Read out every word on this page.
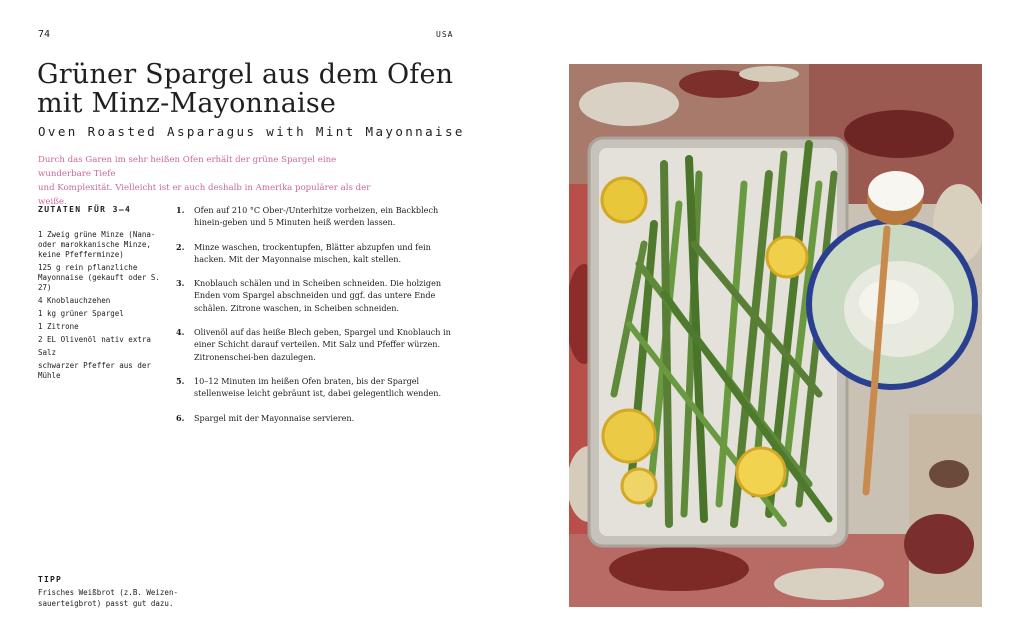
74	USA
Grüner Spargel aus dem Ofen
mit Minz-Mayonnaise
Oven Roasted Asparagus with Mint Mayonnaise
Durch das Garen im sehr heißen Ofen erhält der grüne Spargel eine wunderbare Tiefe
und Komplexität. Vielleicht ist er auch deshalb in Amerika populärer als der weiße.
ZUTATEN FÜR 3–4
1 Zweig grüne Minze (Nana- oder marokkanische Minze, keine Pfefferminze)
125 g rein pflanzliche Mayonnaise (gekauft oder S. 27)
4 Knoblauchzehen
1 kg grüner Spargel
1 Zitrone
2 EL Olivenöl nativ extra
Salz
schwarzer Pfeffer aus der Mühle
1. Ofen auf 210 °C Ober-/Unterhitze vorheizen, ein Backblech hinein-geben und 5 Minuten heiß werden lassen.
2. Minze waschen, trockentupfen, Blätter abzupfen und fein hacken. Mit der Mayonnaise mischen, kalt stellen.
3. Knoblauch schälen und in Scheiben schneiden. Die holzigen Enden vom Spargel abschneiden und ggf. das untere Ende schälen. Zitrone waschen, in Scheiben schneiden.
4. Olivenöl auf das heiße Blech geben, Spargel und Knoblauch in einer Schicht darauf verteilen. Mit Salz und Pfeffer würzen. Zitronenschei-ben dazulegen.
5. 10–12 Minuten im heißen Ofen braten, bis der Spargel stellenweise leicht gebräunt ist, dabei gelegentlich wenden.
6. Spargel mit der Mayonnaise servieren.
TIPP
Frisches Weißbrot (z.B. Weizen-sauerteigbrot) passt gut dazu.
